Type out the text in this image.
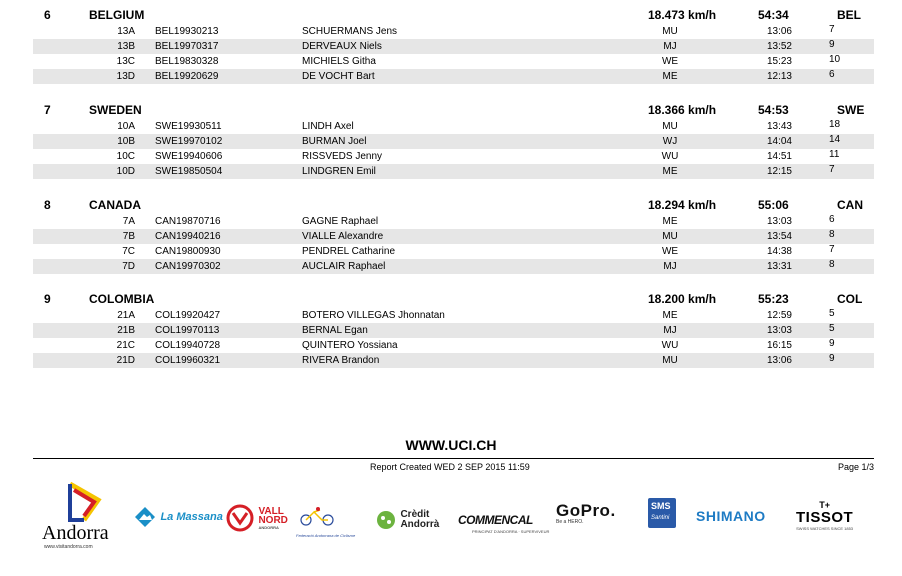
6	BELGIUM	18.473 km/h	54:34	BEL
13A BEL19930213	SCHUERMANS Jens	MU	13:06	7
13B BEL19970317	DERVEAUX Niels	MJ	13:52	9
13C BEL19830328	MICHIELS Githa	WE	15:23	10
13D BEL19920629	DE VOCHT Bart	ME	12:13	6
7	SWEDEN	18.366 km/h	54:53	SWE
10A SWE19930511	LINDH Axel	MU	13:43	18
10B SWE19970102	BURMAN Joel	WJ	14:04	14
10C SWE19940606	RISSVEDS Jenny	WU	14:51	11
10D SWE19850504	LINDGREN Emil	ME	12:15	7
8	CANADA	18.294 km/h	55:06	CAN
7A CAN19870716	GAGNE Raphael	ME	13:03	6
7B CAN19940216	VIALLE Alexandre	MU	13:54	8
7C CAN19800930	PENDREL Catharine	WE	14:38	7
7D CAN19970302	AUCLAIR Raphael	MJ	13:31	8
9	COLOMBIA	18.200 km/h	55:23	COL
21A COL19920427	BOTERO VILLEGAS Jhonnatan	ME	12:59	5
21B COL19970113	BERNAL Egan	MJ	13:03	5
21C COL19940728	QUINTERO Yossiana	WU	16:15	9
21D COL19960321	RIVERA Brandon	MU	13:06	9
WWW.UCI.CH
Report Created WED 2 SEP 2015 11:59	Page 1/3
Andorra
www.visitandorra.com
La Massana	VALL
NORD
ANDORRA
Federació Andorrana de Ciclisme
Crèdit
Andorrà COMMENCAL
PRINCIPAT D'ANDORRA · SUPERVIVEUR
GoPro.
Be a HERO.
SMS
Santini SHIMANO
T+
TISSOT
SWISS WATCHES SINCE 1853
